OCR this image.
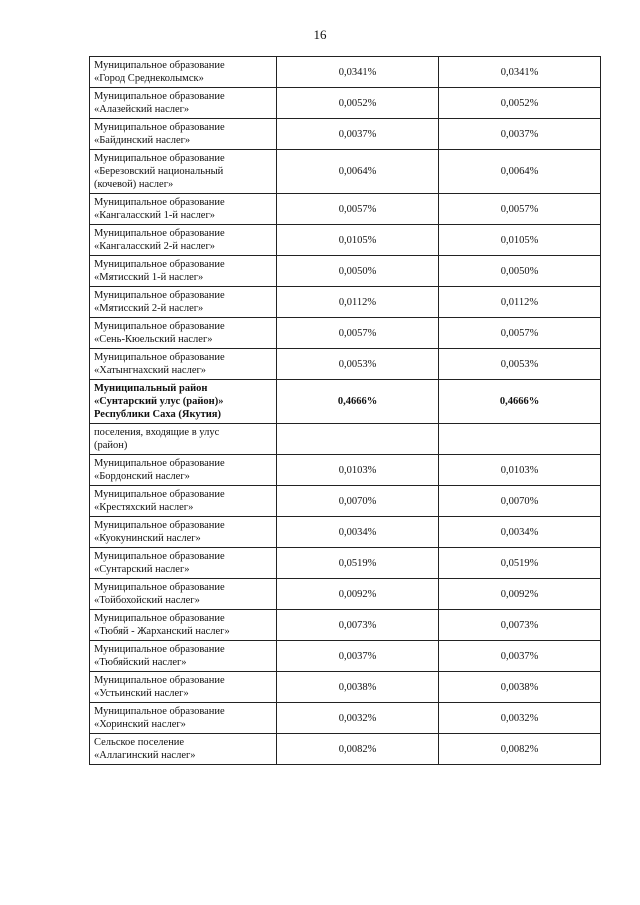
16
Муниципальное образование
«Город Среднеколымск»	0,0341%	0,0341%

Муниципальное образование
«Алазейский наслег»	0,0052%	0,0052%

Муниципальное образование
«Байдинский наслег»	0,0037%	0,0037%

Муниципальное образование
«Березовский национальный
(кочевой) наслег»	0,0064%	0,0064%

Муниципальное образование
«Кангаласский 1-й наслег»	0,0057%	0,0057%

Муниципальное образование
«Кангаласский 2-й наслег»	0,0105%	0,0105%

Муниципальное образование
«Мятисский 1-й наслег»	0,0050%	0,0050%

Муниципальное образование
«Мятисский 2-й наслег»	0,0112%	0,0112%

Муниципальное образование
«Сень-Кюельский наслег»	0,0057%	0,0057%

Муниципальное образование
«Хатынгнахский наслег»	0,0053%	0,0053%

Муниципальный район
«Сунтарский улус (район)»
Республики Саха (Якутия)	0,4666%	0,4666%

поселения, входящие в улус
(район)		

Муниципальное образование
«Бордонский наслег»	0,0103%	0,0103%

Муниципальное образование
«Крестяхский наслег»	0,0070%	0,0070%

Муниципальное образование
«Куокунинский наслег»	0,0034%	0,0034%

Муниципальное образование
«Сунтарский наслег»	0,0519%	0,0519%

Муниципальное образование
«Тойбохойский наслег»	0,0092%	0,0092%

Муниципальное образование
«Тюбяй - Жарханский наслег»	0,0073%	0,0073%

Муниципальное образование
«Тюбяйский наслег»	0,0037%	0,0037%

Муниципальное образование
«Устьинский наслег»	0,0038%	0,0038%

Муниципальное образование
«Хоринский наслег»	0,0032%	0,0032%

Сельское поселение
«Аллагинский наслег»	0,0082%	0,0082%
